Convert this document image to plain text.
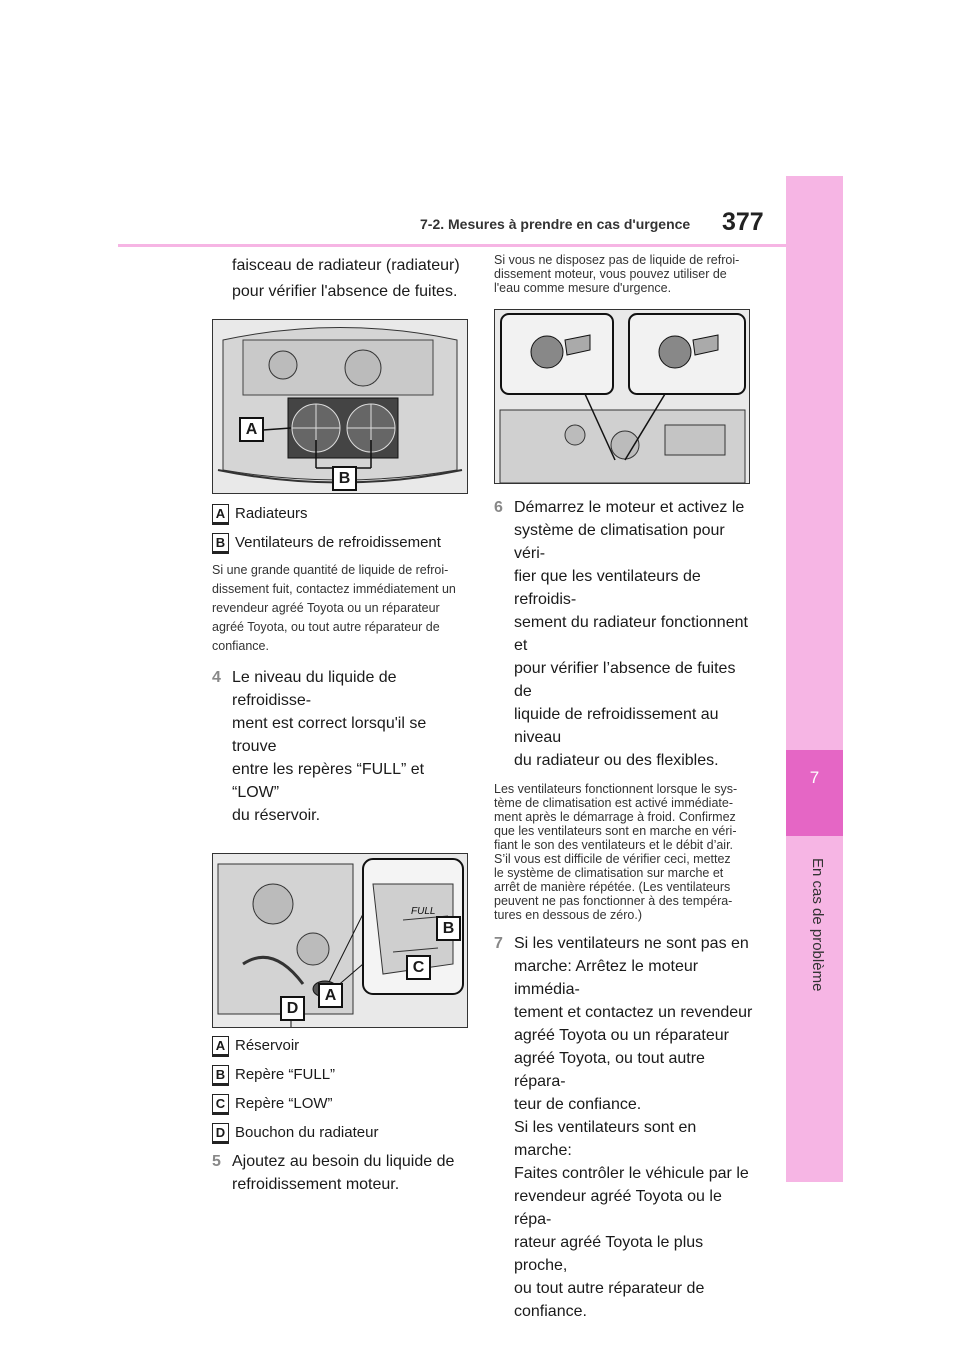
7
En cas de problème
7-2. Mesures à prendre en cas d'urgence 377

faisceau de radiateur (radiateur)

pour vérifier l'absence de fuites.

A
B
A Radiateurs
B Ventilateurs de refroidissement

Si une grande quantité de liquide de refroi-

dissement fuit, contactez immédiatement un

revendeur agréé Toyota ou un réparateur

agréé Toyota, ou tout autre réparateur de

confiance.

4 Le niveau du liquide de refroidisse-

ment est correct lorsqu'il se trouve

entre les repères “FULL” et “LOW”

du réservoir.

FULL
B
C
D
A
A Réservoir
B Repère “FULL”
C Repère “LOW”
D Bouchon du radiateur
5 Ajoutez au besoin du liquide de

refroidissement moteur.

Si vous ne disposez pas de liquide de refroi-

dissement moteur, vous pouvez utiliser de

l'eau comme mesure d'urgence.

6 Démarrez le moteur et activez le

système de climatisation pour véri-

fier que les ventilateurs de refroidis-

sement du radiateur fonctionnent et

pour vérifier l’absence de fuites de

liquide de refroidissement au niveau

du radiateur ou des flexibles.

Les ventilateurs fonctionnent lorsque le sys-

tème de climatisation est activé immédiate-

ment après le démarrage à froid. Confirmez

que les ventilateurs sont en marche en véri-

fiant le son des ventilateurs et le débit d’air.

S’il vous est difficile de vérifier ceci, mettez

le système de climatisation sur marche et

arrêt de manière répétée. (Les ventilateurs

peuvent ne pas fonctionner à des tempéra-

tures en dessous de zéro.)

7 Si les ventilateurs ne sont pas en

marche: Arrêtez le moteur immédia-

tement et contactez un revendeur

agréé Toyota ou un réparateur

agréé Toyota, ou tout autre répara-

teur de confiance.

Si les ventilateurs sont en marche:

Faites contrôler le véhicule par le

revendeur agréé Toyota ou le répa-

rateur agréé Toyota le plus proche,

ou tout autre réparateur de

confiance.
